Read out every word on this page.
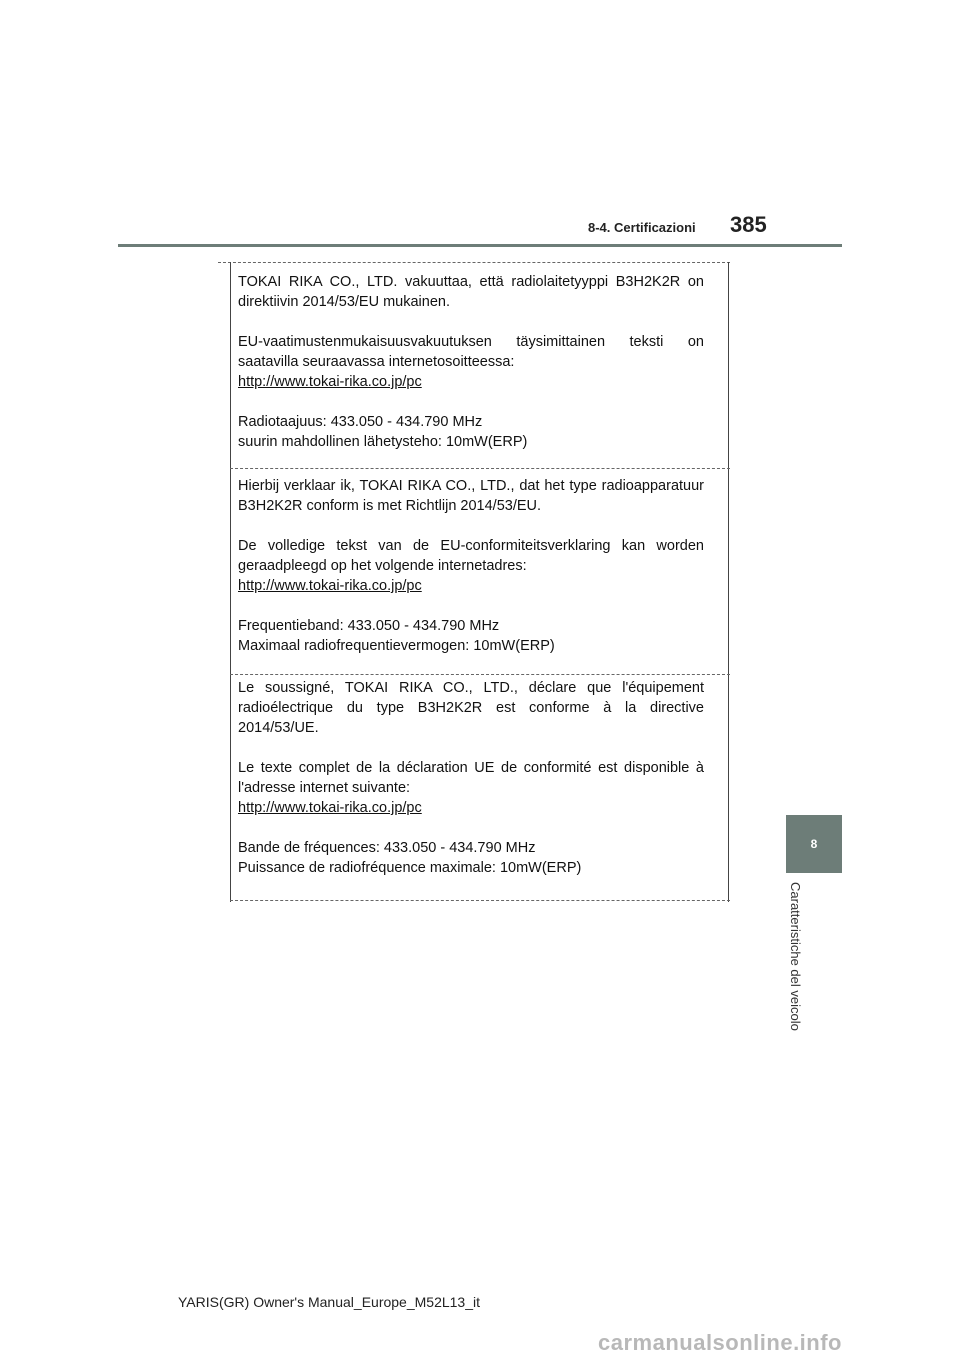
8-4. Certificazioni 385
8
Caratteristiche del veicolo

TOKAI RIKA CO., LTD. vakuuttaa, että radiolaitetyyppi B3H2K2R on direktiivin 2014/53/EU mukainen.

EU-vaatimustenmukaisuusvakuutuksen täysimittainen teksti on saatavilla seuraavassa internetosoitteessa:
http://www.tokai-rika.co.jp/pc

Radiotaajuus: 433.050 - 434.790 MHz
suurin mahdollinen lähetysteho: 10mW(ERP)

Hierbij verklaar ik, TOKAI RIKA CO., LTD., dat het type radioapparatuur B3H2K2R conform is met Richtlijn 2014/53/EU.

De volledige tekst van de EU-conformiteitsverklaring kan worden geraadpleegd op het volgende internetadres:
http://www.tokai-rika.co.jp/pc

Frequentieband: 433.050 - 434.790 MHz
Maximaal radiofrequentievermogen: 10mW(ERP)

Le soussigné, TOKAI RIKA CO., LTD., déclare que l'équipement radioélectrique du type B3H2K2R est conforme à la directive 2014/53/UE.

Le texte complet de la déclaration UE de conformité est disponible à l'adresse internet suivante:
http://www.tokai-rika.co.jp/pc

Bande de fréquences: 433.050 - 434.790 MHz
Puissance de radiofréquence maximale: 10mW(ERP)

YARIS(GR) Owner's Manual_Europe_M52L13_it
carmanualsonline.info
